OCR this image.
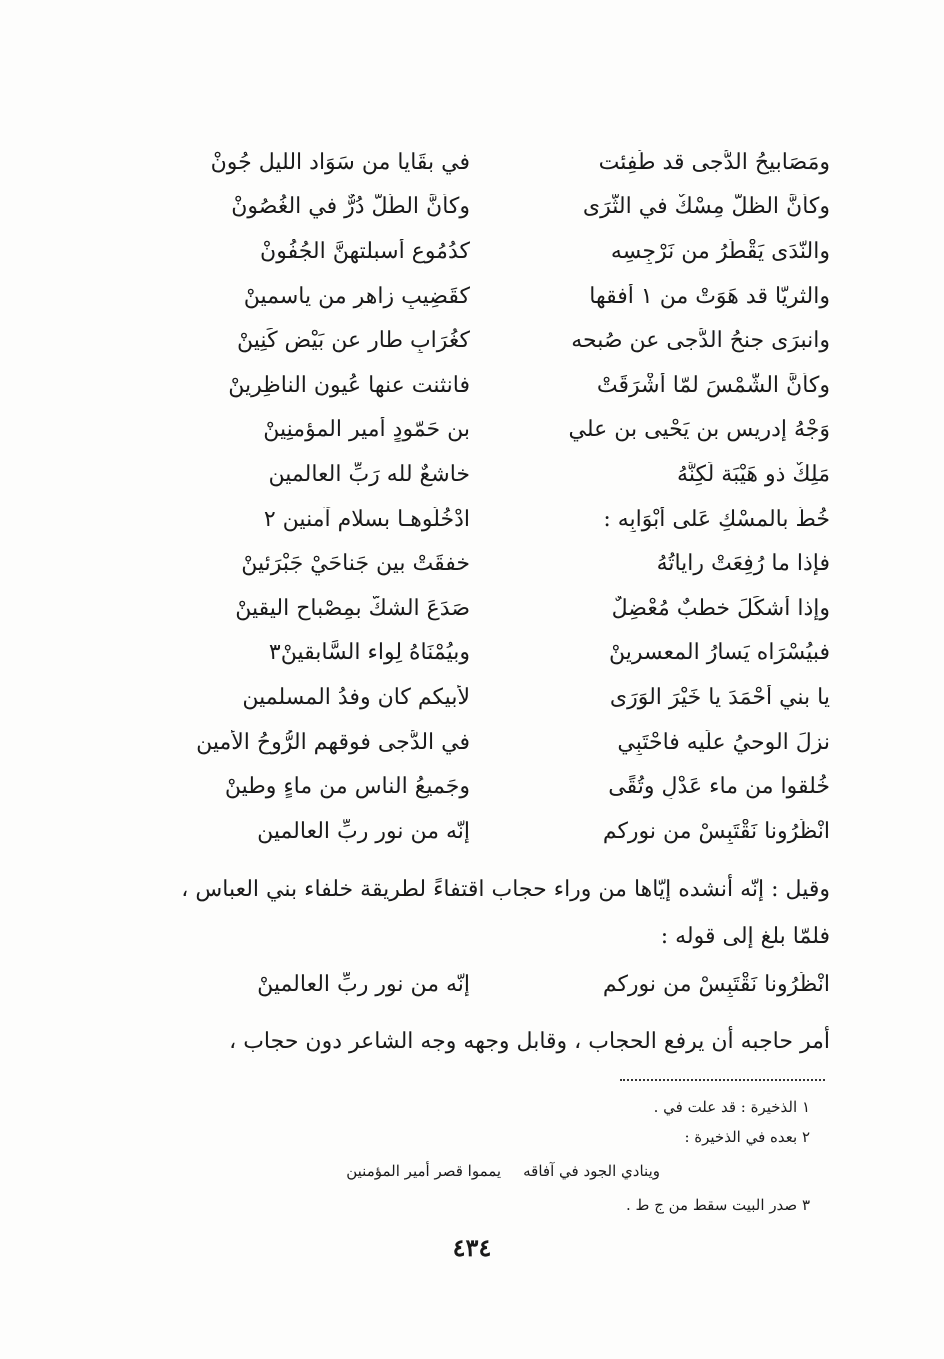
ومَصَابيحُ الدُّجى قد طُفِئت
في بقَايا من سَوَاد الليل جُونْ
وكأنَّ الظلَّ مِسْكٌ في الثّرَى
وكأنَّ الطَّلَّ دُرٌّ في الغُصُونْ
والنّدَى يَقْطُرُ من نَرْجِسِه
كدُمُوعٍ أسبلتهنَّ الجُفُونْ
والثريّا قد هَوَتْ من ١ أفقها
كقَضِيبٍ زاهرٍ من ياسمينْ
وانبرَى جنحُ الدُّجى عن صُبحه
كغُرَابٍ طار عن بَيْضٍ كَنِينْ
وكأنَّ الشَّمْسَ لمّا أشْرَقَتْ
فانثنت عنها عُيون الناظِرِينْ
وَجْهُ إدريس بن يَحْيى بن علي
بن حَمّودٍ أمير المؤمنِينْ
مَلِكٌ ذو هَيْبَة لَكِنَّهُ
خاشعٌ لله رَبِّ العالمين
خُطَّ بالمسْكِ عَلى أبْوَابِه :
ادْخُلُوهـا بسلام آمنين ٢
فإذا ما رُفِعَتْ راياتُهُ
خفقَتْ بين جَناحَيْ جَبْرَئينْ
وإذا أشكَلَ خطبٌ مُعْضِلٌ
صَدَعَ الشكَّ بمِصْباحِ اليقينْ
فبيُسْرَاه يَسارُ المعسرينْ
وبيُمْنَاهُ لِواء السَّابقينْ٣
يا بني أحْمَدَ يا خَيْرَ الوَرَى
لأبيكم كان وفدُ المسلمين
نزلَ الوحيُ علَيه فاحْتَبِي
في الدُّجى فوقهم الرُّوحُ الأمين
خُلقوا من ماء عَدْلٍ وتُقًى
وجَميعُ الناس من ماءٍ وطينْ
انْظُرُونا نَقْتَبِسْ من نوركم
إنّه من نور ربِّ العالمين
وقيل : إنّه أنشده إيّاها من وراء حجاب اقتفاءً لطريقة خلفاء بني العباس ،
فلمّا بلغ إلى قوله :
انْظُرُونا نَقْتَبِسْ من نوركم
إنّه من نور ربِّ العالمينْ
أمر حاجبه أن يرفع الحجاب ، وقابل وجهه وجه الشاعر دون حجاب ،
١ الذخيرة : قد علت في .
٢ بعده في الذخيرة :
وينادي الجود في آفاقهيمموا قصر أمير المؤمنين
٣ صدر البيت سقط من ج ط .
٤٣٤
